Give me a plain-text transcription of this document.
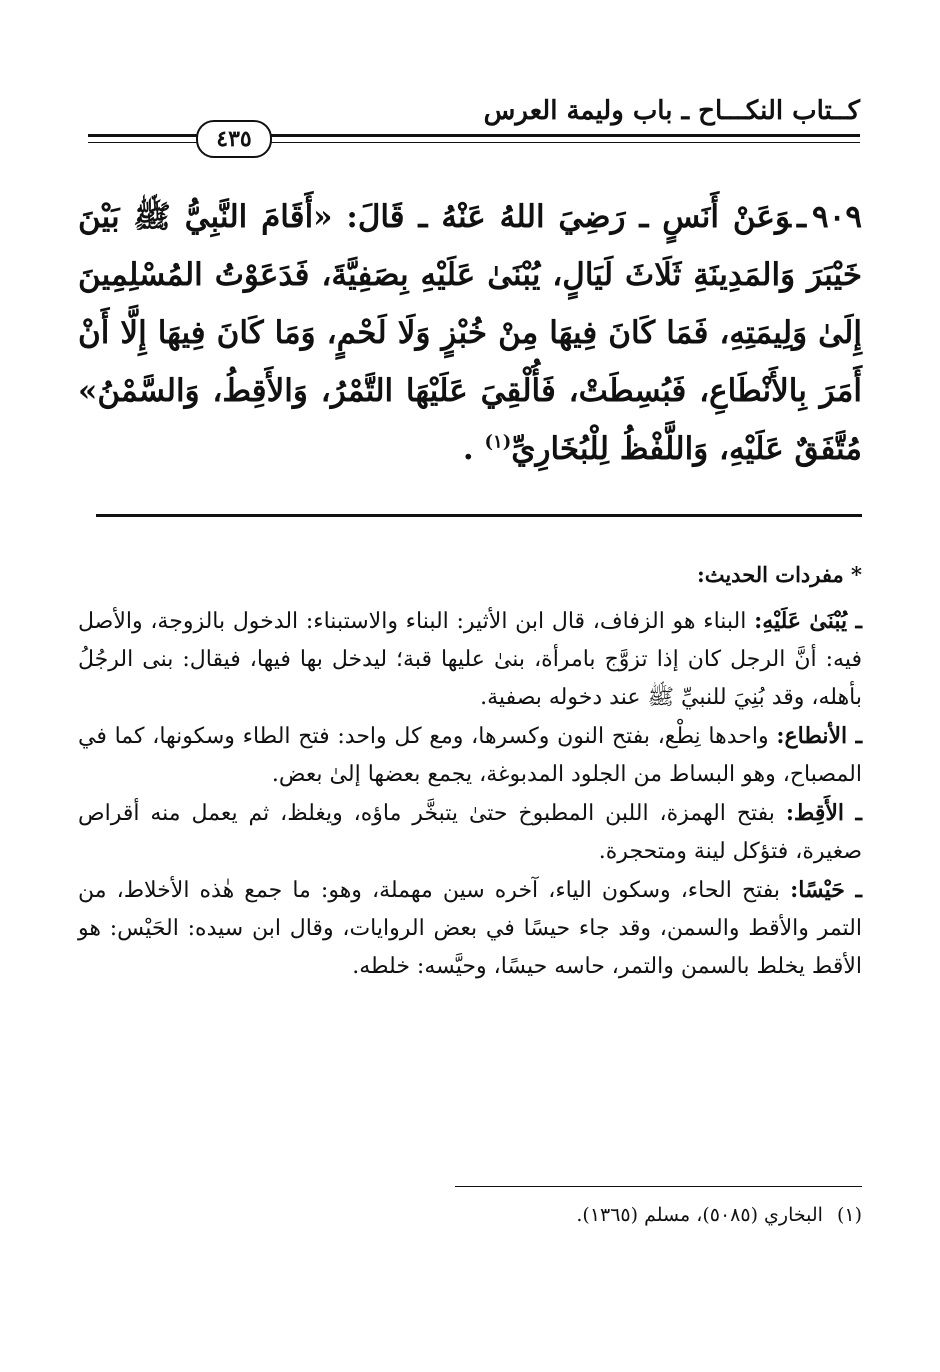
كــتاب النكـــاح ـ باب وليمة العرس
٤٣٥
٩٠٩ـوَعَنْ أَنَسٍ ـ رَضِيَ اللهُ عَنْهُ ـ قَالَ: «أَقَامَ النَّبِيُّ ﷺ بَيْنَ خَيْبَرَ وَالمَدِينَةِ ثَلَاثَ لَيَالٍ، يُبْنَىٰ عَلَيْهِ بِصَفِيَّةَ، فَدَعَوْتُ المُسْلِمِينَ إِلَىٰ وَلِيمَتِهِ، فَمَا كَانَ فِيهَا مِنْ خُبْزٍ وَلَا لَحْمٍ، وَمَا كَانَ فِيهَا إِلَّا أَنْ أَمَرَ بِالأَنْطَاعِ، فَبُسِطَتْ، فَأُلْقِيَ عَلَيْهَا التَّمْرُ، وَالأَقِطُ، وَالسَّمْنُ» مُتَّفَقٌ عَلَيْهِ، وَاللَّفْظُ لِلْبُخَارِيِّ$^{(١)}$ .
* مفردات الحديث:

ـ يُبْنَىٰ عَلَيْهِ: البناء هو الزفاف، قال ابن الأثير: البناء والاستبناء: الدخول بالزوجة، والأصل فيه: أنَّ الرجل كان إذا تزوَّج بامرأة، بنىٰ عليها قبة؛ ليدخل بها فيها، فيقال: بنى الرجُلُ بأهله، وقد بُنِيَ للنبيِّ ﷺ عند دخوله بصفية.

ـ الأنطاع: واحدها نِطْع، بفتح النون وكسرها، ومع كل واحد: فتح الطاء وسكونها، كما في المصباح، وهو البساط من الجلود المدبوغة، يجمع بعضها إلىٰ بعض.

ـ الأَقِط: بفتح الهمزة، اللبن المطبوخ حتىٰ يتبخَّر ماؤه، ويغلظ، ثم يعمل منه أقراص صغيرة، فتؤكل لينة ومتحجرة.

ـ حَيْسًا: بفتح الحاء، وسكون الياء، آخره سين مهملة، وهو: ما جمع هٰذه الأخلاط، من التمر والأقط والسمن، وقد جاء حيسًا في بعض الروايات، وقال ابن سيده: الحَيْس: هو الأقط يخلط بالسمن والتمر، حاسه حيسًا، وحيَّسه: خلطه.

(١)البخاري (٥٠٨٥)، مسلم (١٣٦٥).
